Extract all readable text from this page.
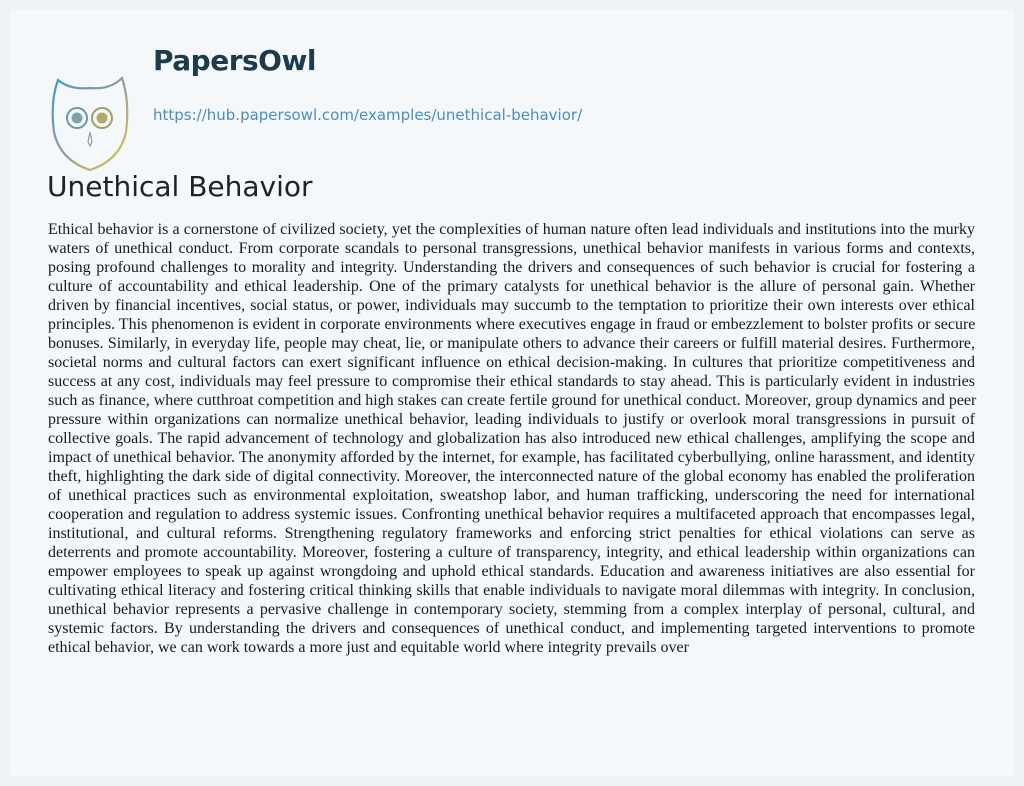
PapersOwl
https://hub.papersowl.com/examples/unethical-behavior/
Unethical Behavior
Ethical behavior is a cornerstone of civilized society, yet the complexities of human nature often lead individuals and institutions into the murky
waters of unethical conduct. From corporate scandals to personal transgressions, unethical behavior manifests in various forms and contexts,
posing profound challenges to morality and integrity. Understanding the drivers and consequences of such behavior is crucial for fostering a
culture of accountability and ethical leadership. One of the primary catalysts for unethical behavior is the allure of personal gain. Whether
driven by financial incentives, social status, or power, individuals may succumb to the temptation to prioritize their own interests over ethical
principles. This phenomenon is evident in corporate environments where executives engage in fraud or embezzlement to bolster profits or secure
bonuses. Similarly, in everyday life, people may cheat, lie, or manipulate others to advance their careers or fulfill material desires. Furthermore,
societal norms and cultural factors can exert significant influence on ethical decision-making. In cultures that prioritize competitiveness and
success at any cost, individuals may feel pressure to compromise their ethical standards to stay ahead. This is particularly evident in industries
such as finance, where cutthroat competition and high stakes can create fertile ground for unethical conduct. Moreover, group dynamics and peer
pressure within organizations can normalize unethical behavior, leading individuals to justify or overlook moral transgressions in pursuit of
collective goals. The rapid advancement of technology and globalization has also introduced new ethical challenges, amplifying the scope and
impact of unethical behavior. The anonymity afforded by the internet, for example, has facilitated cyberbullying, online harassment, and identity
theft, highlighting the dark side of digital connectivity. Moreover, the interconnected nature of the global economy has enabled the proliferation
of unethical practices such as environmental exploitation, sweatshop labor, and human trafficking, underscoring the need for international
cooperation and regulation to address systemic issues. Confronting unethical behavior requires a multifaceted approach that encompasses legal,
institutional, and cultural reforms. Strengthening regulatory frameworks and enforcing strict penalties for ethical violations can serve as
deterrents and promote accountability. Moreover, fostering a culture of transparency, integrity, and ethical leadership within organizations can
empower employees to speak up against wrongdoing and uphold ethical standards. Education and awareness initiatives are also essential for
cultivating ethical literacy and fostering critical thinking skills that enable individuals to navigate moral dilemmas with integrity. In conclusion,
unethical behavior represents a pervasive challenge in contemporary society, stemming from a complex interplay of personal, cultural, and
systemic factors. By understanding the drivers and consequences of unethical conduct, and implementing targeted interventions to promote
ethical behavior, we can work towards a more just and equitable world where integrity prevails over
